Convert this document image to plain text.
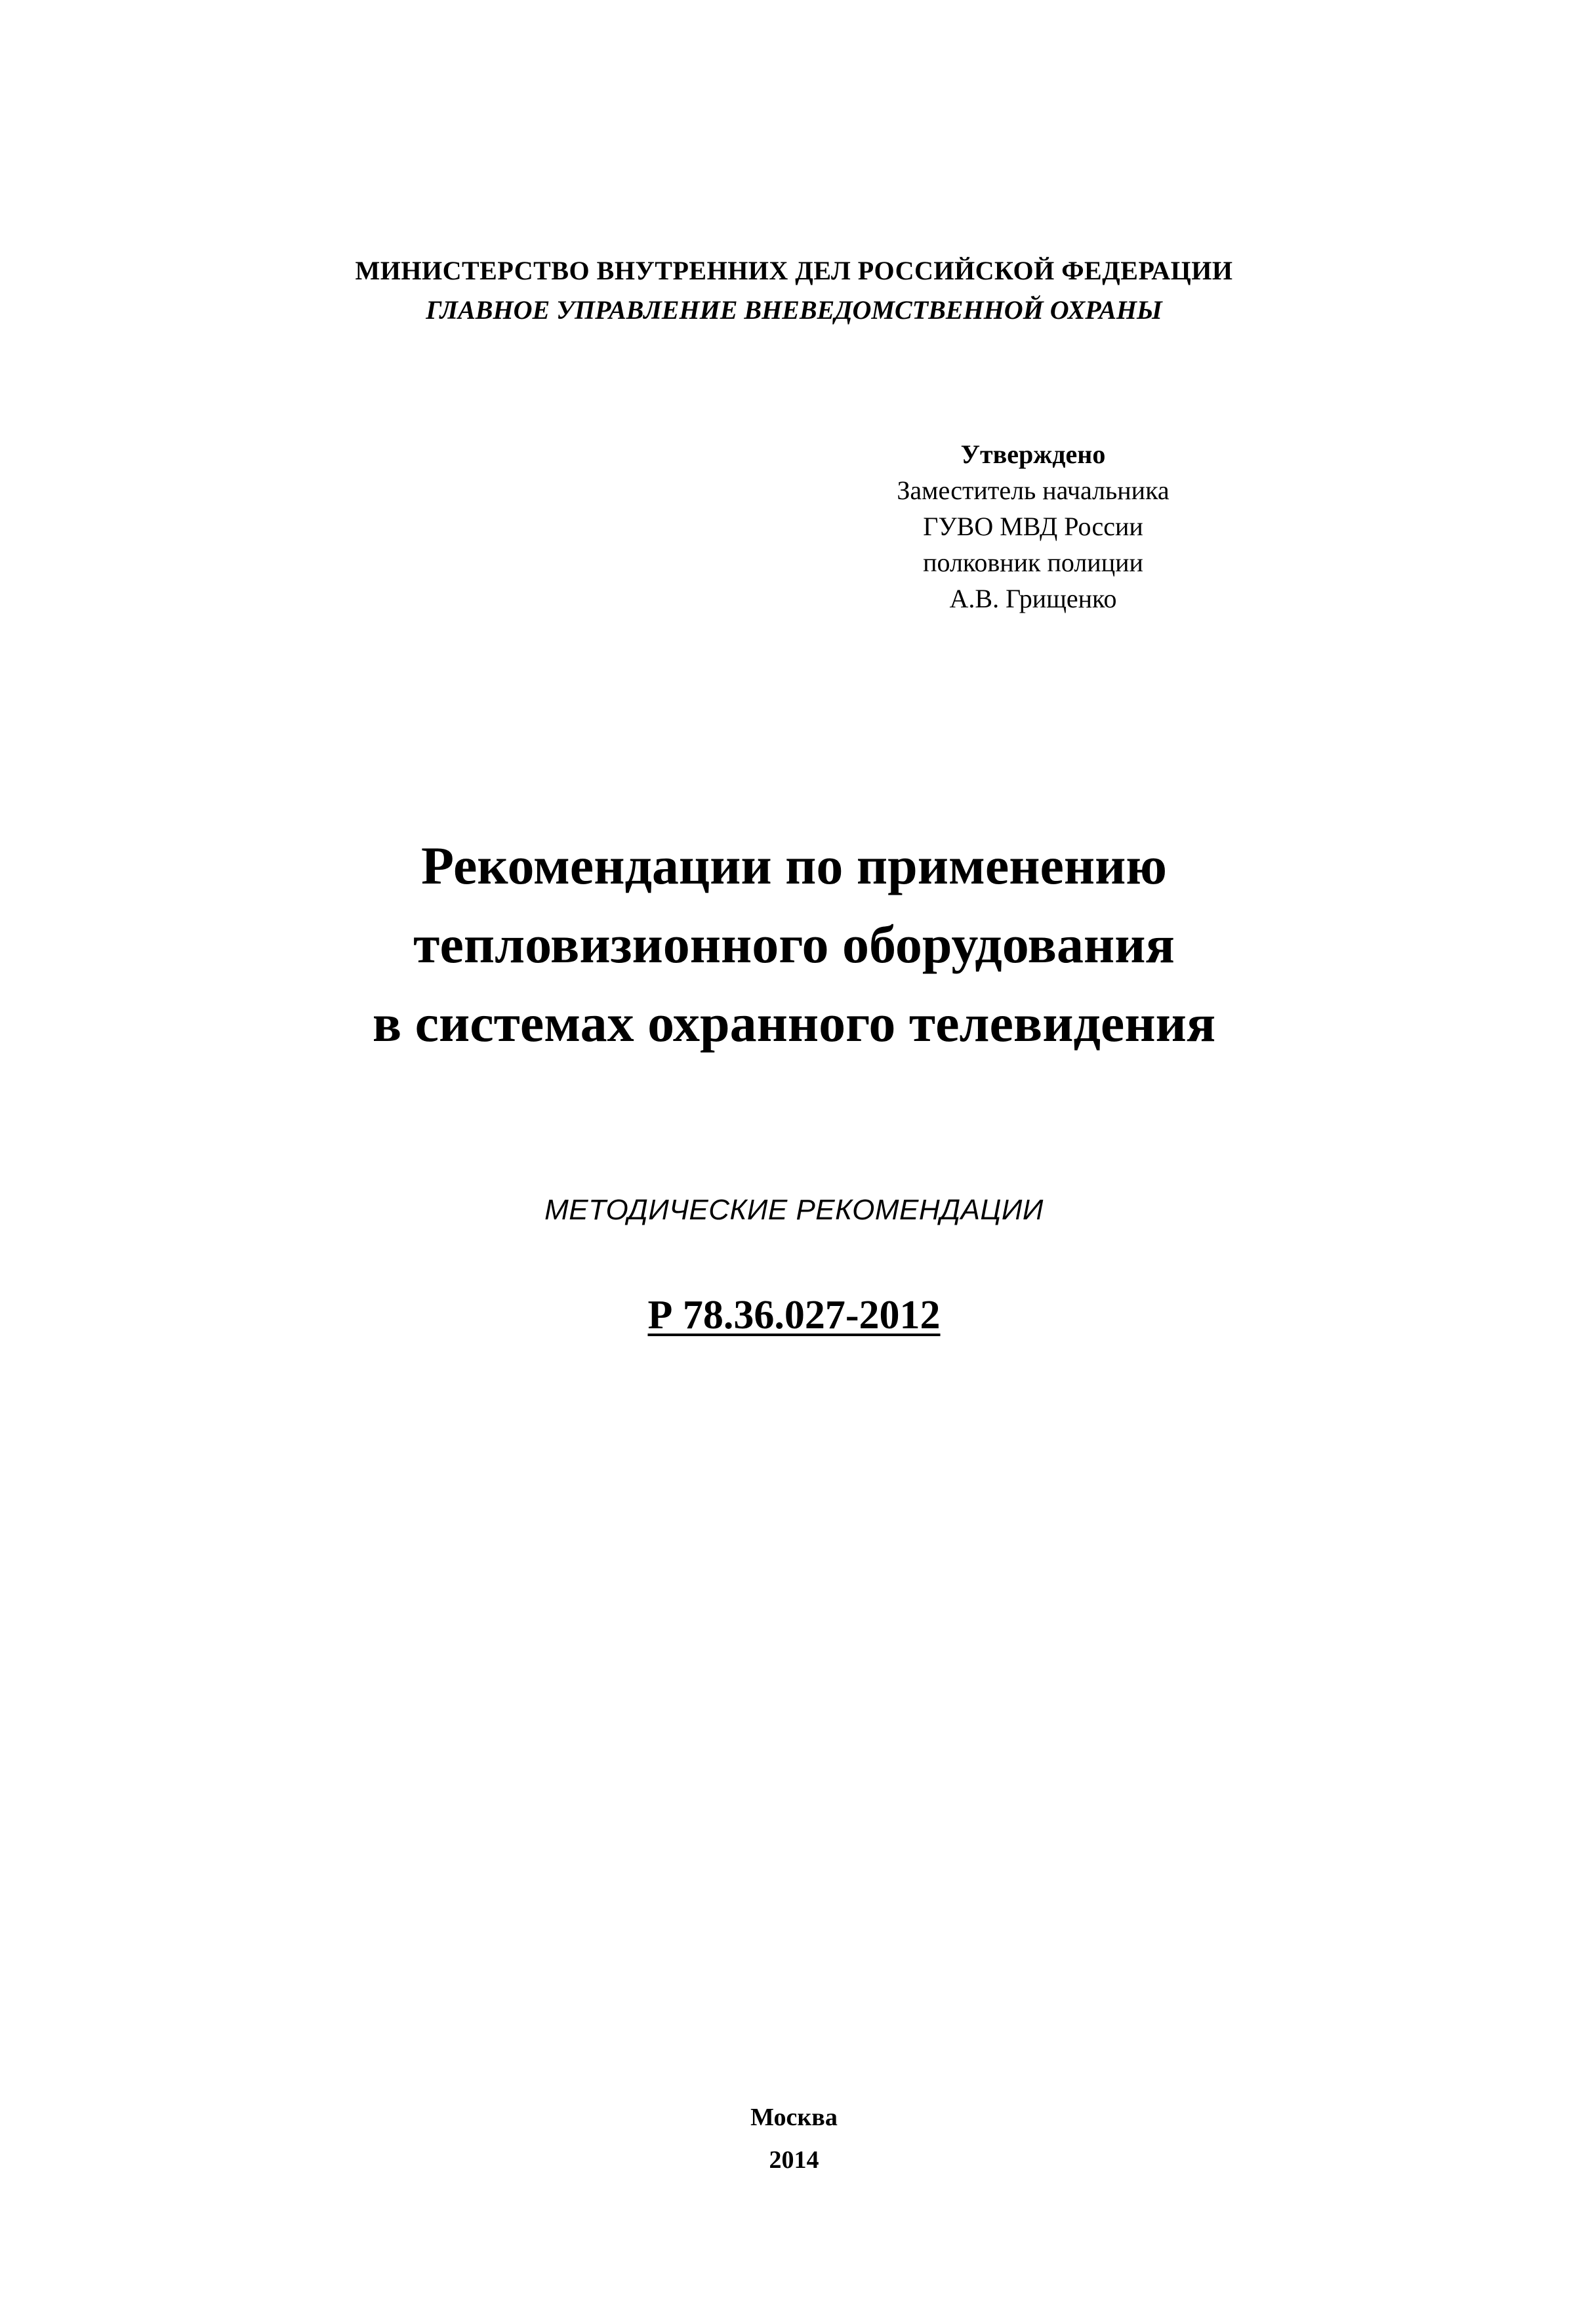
МИНИСТЕРСТВО ВНУТРЕННИХ ДЕЛ РОССИЙСКОЙ ФЕДЕРАЦИИ
ГЛАВНОЕ УПРАВЛЕНИЕ ВНЕВЕДОМСТВЕННОЙ ОХРАНЫ
Утверждено
Заместитель начальника
ГУВО МВД России
полковник полиции
А.В. Грищенко
Рекомендации по применению
тепловизионного оборудования
в системах охранного телевидения
МЕТОДИЧЕСКИЕ РЕКОМЕНДАЦИИ
Р 78.36.027-2012
Москва
2014
